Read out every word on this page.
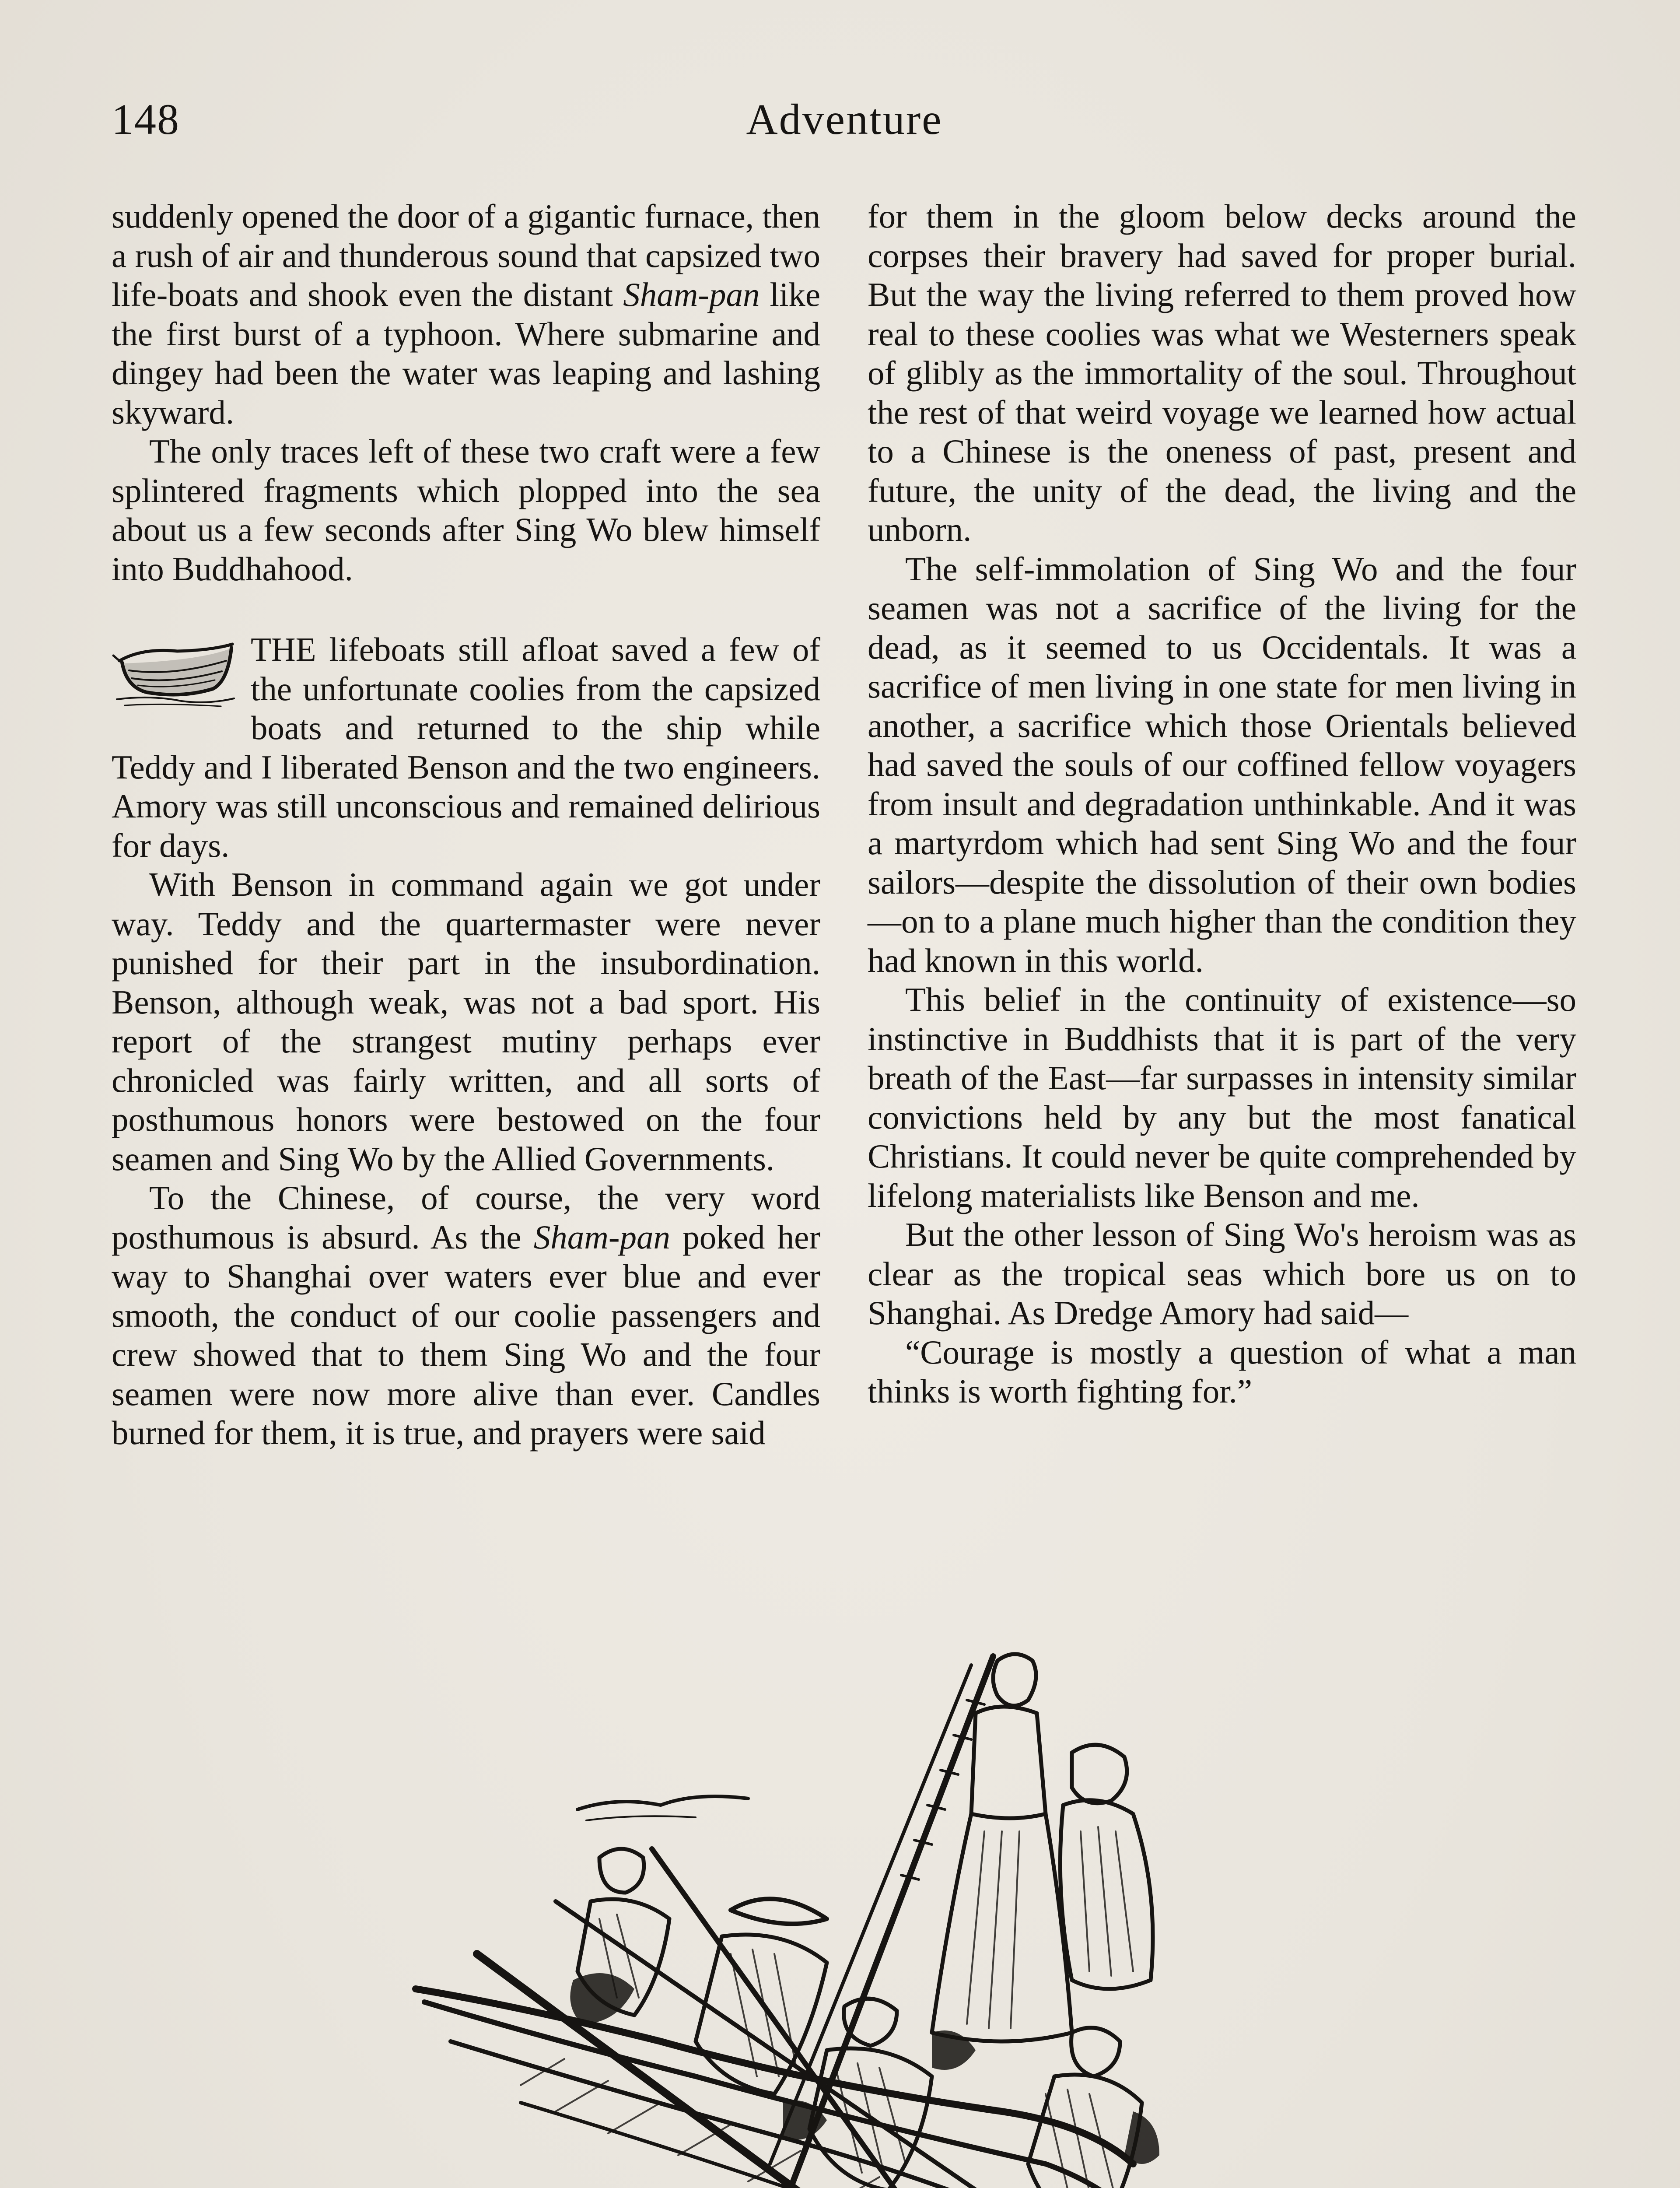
148	Adventure

suddenly opened the door of a gigantic furnace, then a rush of air and thunderous sound that capsized two life-boats and shook even the distant Sham-pan like the first burst of a typhoon. Where submarine and dingey had been the water was leaping and lashing skyward.

The only traces left of these two craft were a few splintered fragments which plopped into the sea about us a few seconds after Sing Wo blew himself into Buddhahood.

THE lifeboats still afloat saved a few of the unfortunate coolies from the capsized boats and returned to the ship while Teddy and I liberated Benson and the two engineers. Amory was still unconscious and remained delirious for days.

With Benson in command again we got under way. Teddy and the quartermaster were never punished for their part in the insubordination. Benson, although weak, was not a bad sport. His report of the strangest mutiny perhaps ever chronicled was fairly written, and all sorts of posthumous honors were bestowed on the four seamen and Sing Wo by the Allied Governments.

To the Chinese, of course, the very word posthumous is absurd. As the Sham-pan poked her way to Shanghai over waters ever blue and ever smooth, the conduct of our coolie passengers and crew showed that to them Sing Wo and the four seamen were now more alive than ever. Candles burned for them, it is true, and prayers were said

for them in the gloom below decks around the corpses their bravery had saved for proper burial. But the way the living referred to them proved how real to these coolies was what we Westerners speak of glibly as the immortality of the soul. Throughout the rest of that weird voyage we learned how actual to a Chinese is the oneness of past, present and future, the unity of the dead, the living and the unborn.

The self-immolation of Sing Wo and the four seamen was not a sacrifice of the living for the dead, as it seemed to us Occidentals. It was a sacrifice of men living in one state for men living in another, a sacrifice which those Orientals believed had saved the souls of our coffined fellow voyagers from insult and degradation unthinkable. And it was a martyrdom which had sent Sing Wo and the four sailors—despite the dissolution of their own bodies—on to a plane much higher than the condition they had known in this world.

This belief in the continuity of existence—so instinctive in Buddhists that it is part of the very breath of the East—far surpasses in intensity similar convictions held by any but the most fanatical Christians. It could never be quite comprehended by lifelong materialists like Benson and me.

But the other lesson of Sing Wo's heroism was as clear as the tropical seas which bore us on to Shanghai. As Dredge Amory had said—

“Courage is mostly a question of what a man thinks is worth fighting for.”
